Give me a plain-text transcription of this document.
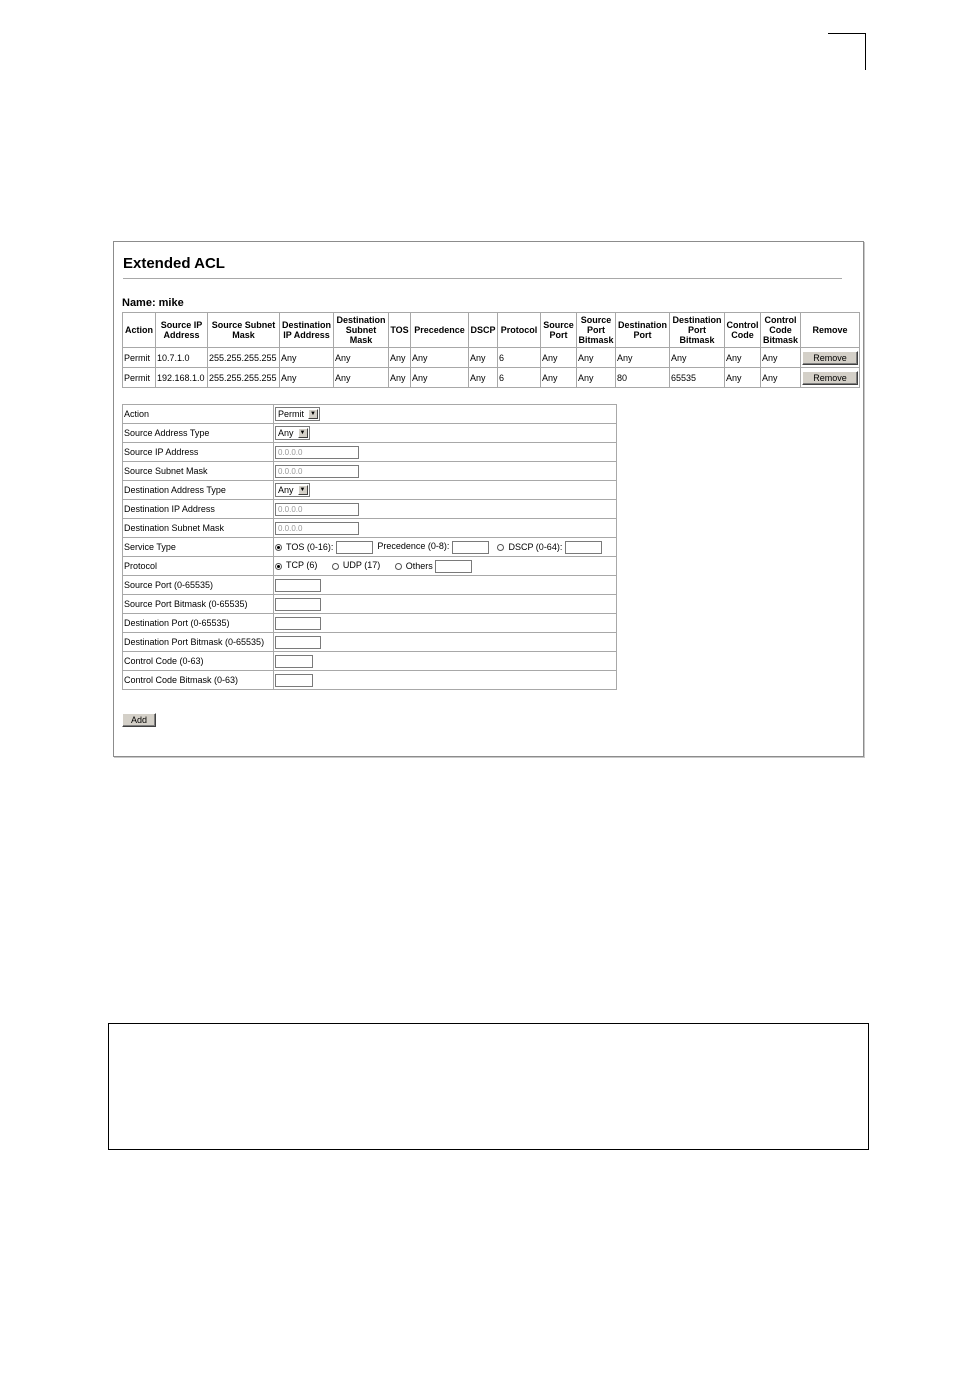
Extended ACL
Name: mike
Action	Source IP Address	Source Subnet Mask	Destination IP Address	Destination Subnet Mask	TOS	Precedence	DSCP	Protocol	Source Port	Source Port Bitmask	Destination Port	Destination Port Bitmask	Control Code	Control Code Bitmask	Remove
Permit	10.7.1.0	255.255.255.255	Any	Any	Any	Any	Any	6	Any	Any	Any	Any	Any	Any	Remove
Permit	192.168.1.0	255.255.255.255	Any	Any	Any	Any	Any	6	Any	Any	80	65535	Any	Any	Remove
Action	Permit ▼
Source Address Type	Any ▼
Source IP Address	0.0.0.0
Source Subnet Mask	0.0.0.0
Destination Address Type	Any ▼
Destination IP Address	0.0.0.0
Destination Subnet Mask	0.0.0.0
Service Type	TOS (0-16): Precedence (0-8): DSCP (0-64):
Protocol	TCP (6) UDP (17) Others
Source Port (0-65535)	
Source Port Bitmask (0-65535)	
Destination Port (0-65535)	
Destination Port Bitmask (0-65535)	
Control Code (0-63)	
Control Code Bitmask (0-63)	
Add
